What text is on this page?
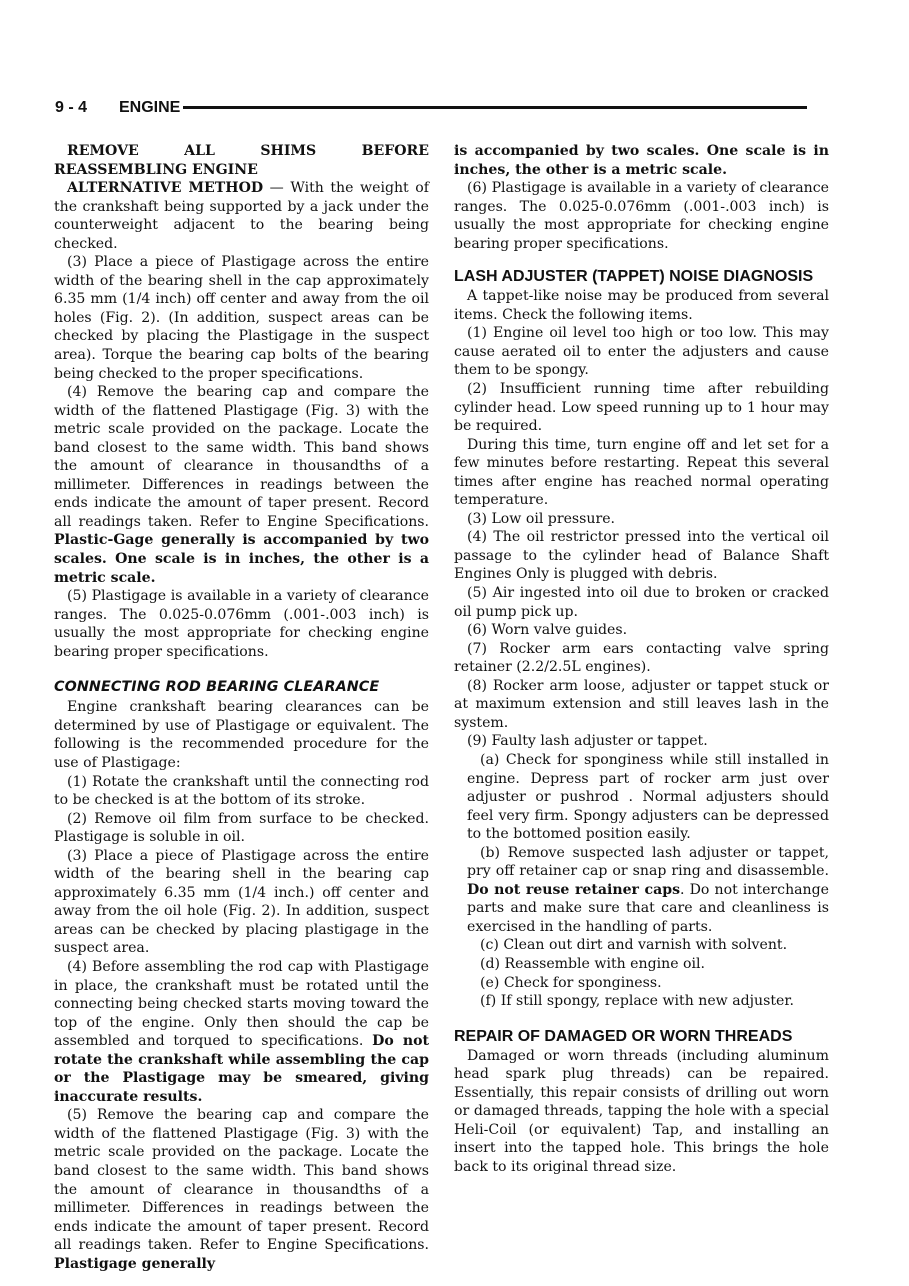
9 - 4 ENGINE

REMOVE ALL SHIMS BEFORE REASSEMBLING ENGINE

ALTERNATIVE METHOD — With the weight of the crankshaft being supported by a jack under the counterweight adjacent to the bearing being checked.

(3) Place a piece of Plastigage across the entire width of the bearing shell in the cap approximately 6.35 mm (1/4 inch) off center and away from the oil holes (Fig. 2). (In addition, suspect areas can be checked by placing the Plastigage in the suspect area). Torque the bearing cap bolts of the bearing being checked to the proper specifications.

(4) Remove the bearing cap and compare the width of the flattened Plastigage (Fig. 3) with the metric scale provided on the package. Locate the band closest to the same width. This band shows the amount of clearance in thousandths of a millimeter. Differences in readings between the ends indicate the amount of taper present. Record all readings taken. Refer to Engine Specifications. Plastic-Gage generally is accompanied by two scales. One scale is in inches, the other is a metric scale.

(5) Plastigage is available in a variety of clearance ranges. The 0.025-0.076mm (.001-.003 inch) is usually the most appropriate for checking engine bearing proper specifications.

CONNECTING ROD BEARING CLEARANCE

Engine crankshaft bearing clearances can be determined by use of Plastigage or equivalent. The following is the recommended procedure for the use of Plastigage:

(1) Rotate the crankshaft until the connecting rod to be checked is at the bottom of its stroke.

(2) Remove oil film from surface to be checked. Plastigage is soluble in oil.

(3) Place a piece of Plastigage across the entire width of the bearing shell in the bearing cap approximately 6.35 mm (1/4 inch.) off center and away from the oil hole (Fig. 2). In addition, suspect areas can be checked by placing plastigage in the suspect area.

(4) Before assembling the rod cap with Plastigage in place, the crankshaft must be rotated until the connecting being checked starts moving toward the top of the engine. Only then should the cap be assembled and torqued to specifications. Do not rotate the crankshaft while assembling the cap or the Plastigage may be smeared, giving inaccurate results.

(5) Remove the bearing cap and compare the width of the flattened Plastigage (Fig. 3) with the metric scale provided on the package. Locate the band closest to the same width. This band shows the amount of clearance in thousandths of a millimeter. Differences in readings between the ends indicate the amount of taper present. Record all readings taken. Refer to Engine Specifications. Plastigage generally

is accompanied by two scales. One scale is in inches, the other is a metric scale.

(6) Plastigage is available in a variety of clearance ranges. The 0.025-0.076mm (.001-.003 inch) is usually the most appropriate for checking engine bearing proper specifications.

LASH ADJUSTER (TAPPET) NOISE DIAGNOSIS

A tappet-like noise may be produced from several items. Check the following items.

(1) Engine oil level too high or too low. This may cause aerated oil to enter the adjusters and cause them to be spongy.

(2) Insufficient running time after rebuilding cylinder head. Low speed running up to 1 hour may be required.

During this time, turn engine off and let set for a few minutes before restarting. Repeat this several times after engine has reached normal operating temperature.

(3) Low oil pressure.

(4) The oil restrictor pressed into the vertical oil passage to the cylinder head of Balance Shaft Engines Only is plugged with debris.

(5) Air ingested into oil due to broken or cracked oil pump pick up.

(6) Worn valve guides.

(7) Rocker arm ears contacting valve spring retainer (2.2/2.5L engines).

(8) Rocker arm loose, adjuster or tappet stuck or at maximum extension and still leaves lash in the system.

(9) Faulty lash adjuster or tappet.

(a) Check for sponginess while still installed in engine. Depress part of rocker arm just over adjuster or pushrod . Normal adjusters should feel very firm. Spongy adjusters can be depressed to the bottomed position easily.

(b) Remove suspected lash adjuster or tappet, pry off retainer cap or snap ring and disassemble. Do not reuse retainer caps. Do not interchange parts and make sure that care and cleanliness is exercised in the handling of parts.

(c) Clean out dirt and varnish with solvent.

(d) Reassemble with engine oil.

(e) Check for sponginess.

(f) If still spongy, replace with new adjuster.

REPAIR OF DAMAGED OR WORN THREADS

Damaged or worn threads (including aluminum head spark plug threads) can be repaired. Essentially, this repair consists of drilling out worn or damaged threads, tapping the hole with a special Heli-Coil (or equivalent) Tap, and installing an insert into the tapped hole. This brings the hole back to its original thread size.
